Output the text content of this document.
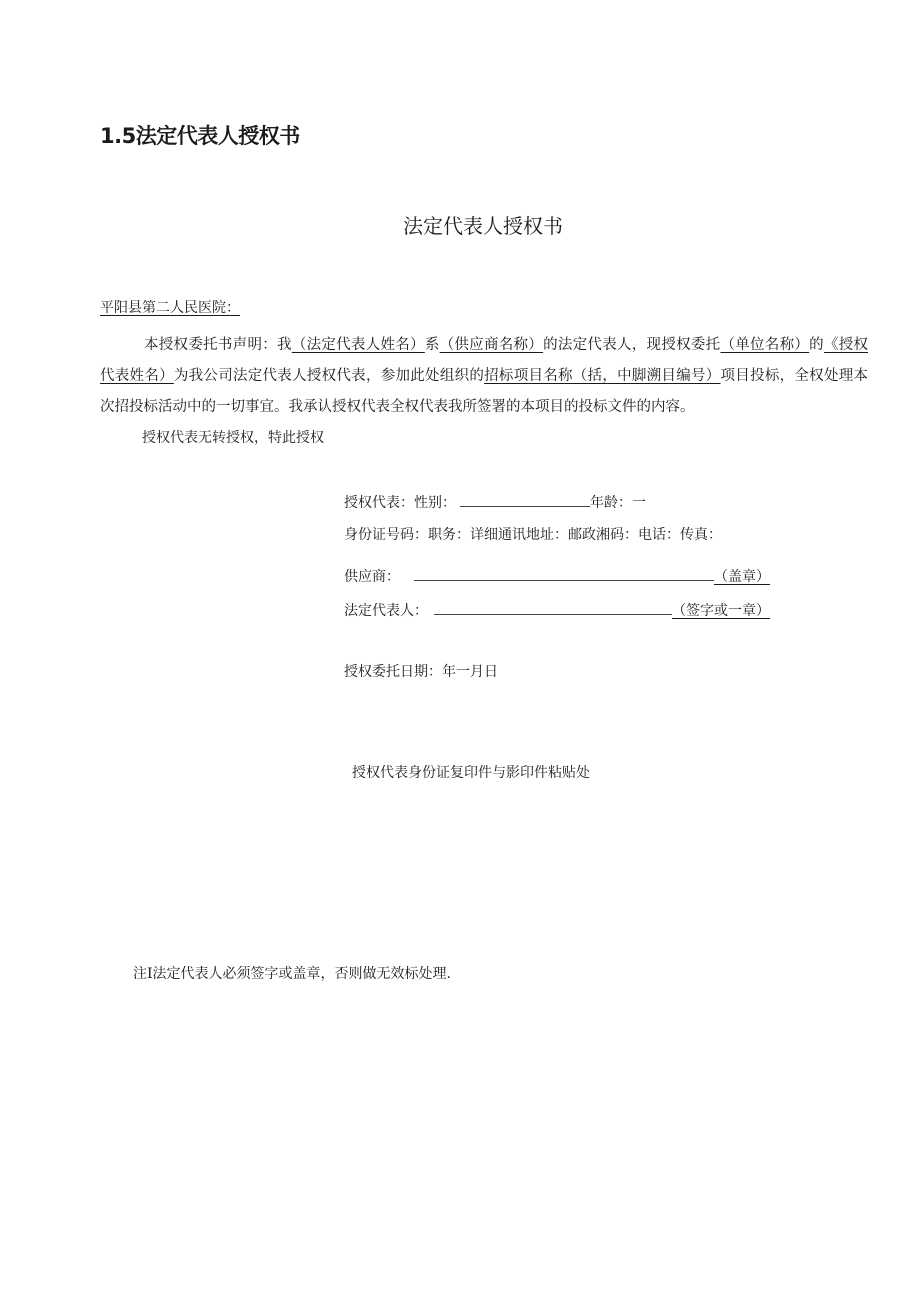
1.5法定代表人授权书
法定代表人授权书
平阳县第二人民医院：
本授权委托书声明：我（法定代表人姓名）系（供应商名称）的法定代表人，现授权委托（单位名称）的《授权代表姓名）为我公司法定代表人授权代表，参加此处组织的招标项目名称（括，中脚溯目编号）项目投标，全权处理本次招投标活动中的一切事宜。我承认授权代表全权代表我所签署的本项目的投标文件的内容。
授权代表无转授权，特此授权
授权代表：性别：	年龄：一
身份证号码：职务：详细通讯地址：邮政湘码：电话：传真：
供应商：	（盖章）
法定代表人：	（签字或一章）
授权委托日期：年一月日
授权代表身份证复印件与影印件粘贴处
注I法定代表人必须签字或盖章，否则做无效标处理.
